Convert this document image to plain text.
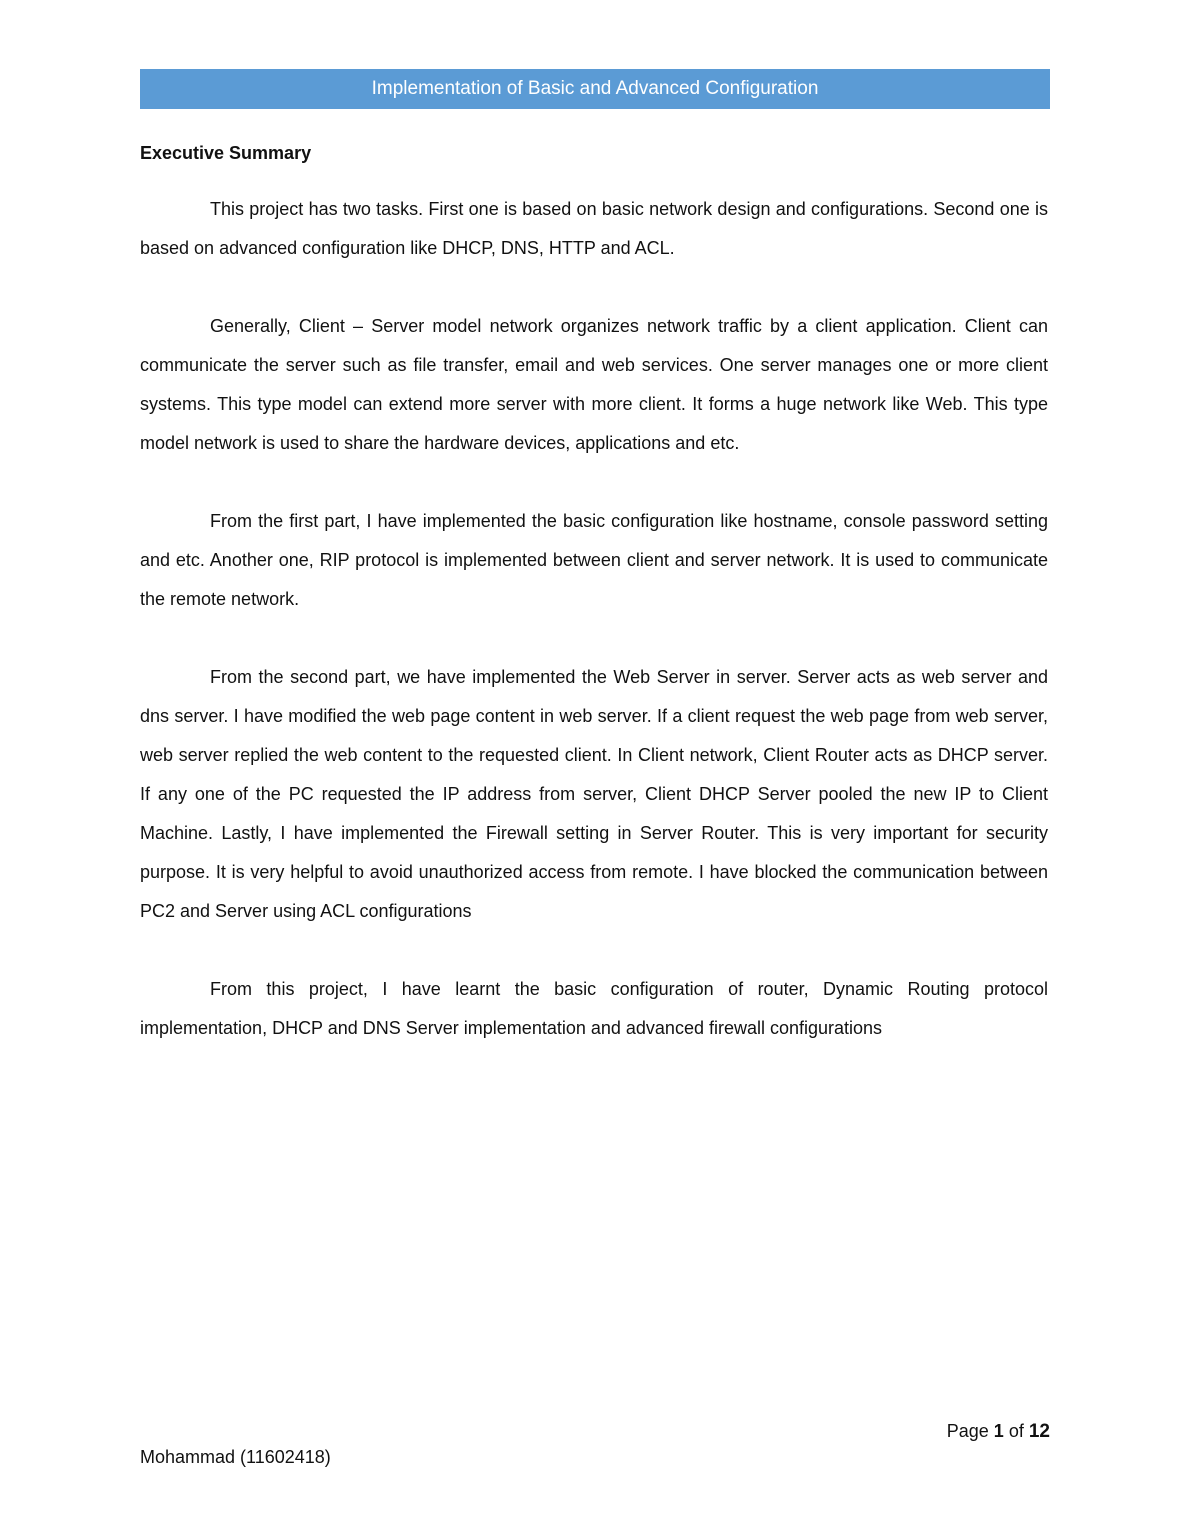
Implementation of Basic and Advanced Configuration
Executive Summary

This project has two tasks. First one is based on basic network design and configurations. Second one is based on advanced configuration like DHCP, DNS, HTTP and ACL.

Generally, Client – Server model network organizes network traffic by a client application. Client can communicate the server such as file transfer, email and web services. One server manages one or more client systems. This type model can extend more server with more client. It forms a huge network like Web. This type model network is used to share the hardware devices, applications and etc.

From the first part, I have implemented the basic configuration like hostname, console password setting and etc. Another one, RIP protocol is implemented between client and server network. It is used to communicate the remote network.

From the second part, we have implemented the Web Server in server. Server acts as web server and dns server. I have modified the web page content in web server. If a client request the web page from web server, web server replied the web content to the requested client. In Client network, Client Router acts as DHCP server. If any one of the PC requested the IP address from server, Client DHCP Server pooled the new IP to Client Machine. Lastly, I have implemented the Firewall setting in Server Router. This is very important for security purpose. It is very helpful to avoid unauthorized access from remote. I have blocked the communication between PC2 and Server using ACL configurations

From this project, I have learnt the basic configuration of router, Dynamic Routing protocol implementation, DHCP and DNS Server implementation and advanced firewall configurations

Page 1 of 12
Mohammad (11602418)
